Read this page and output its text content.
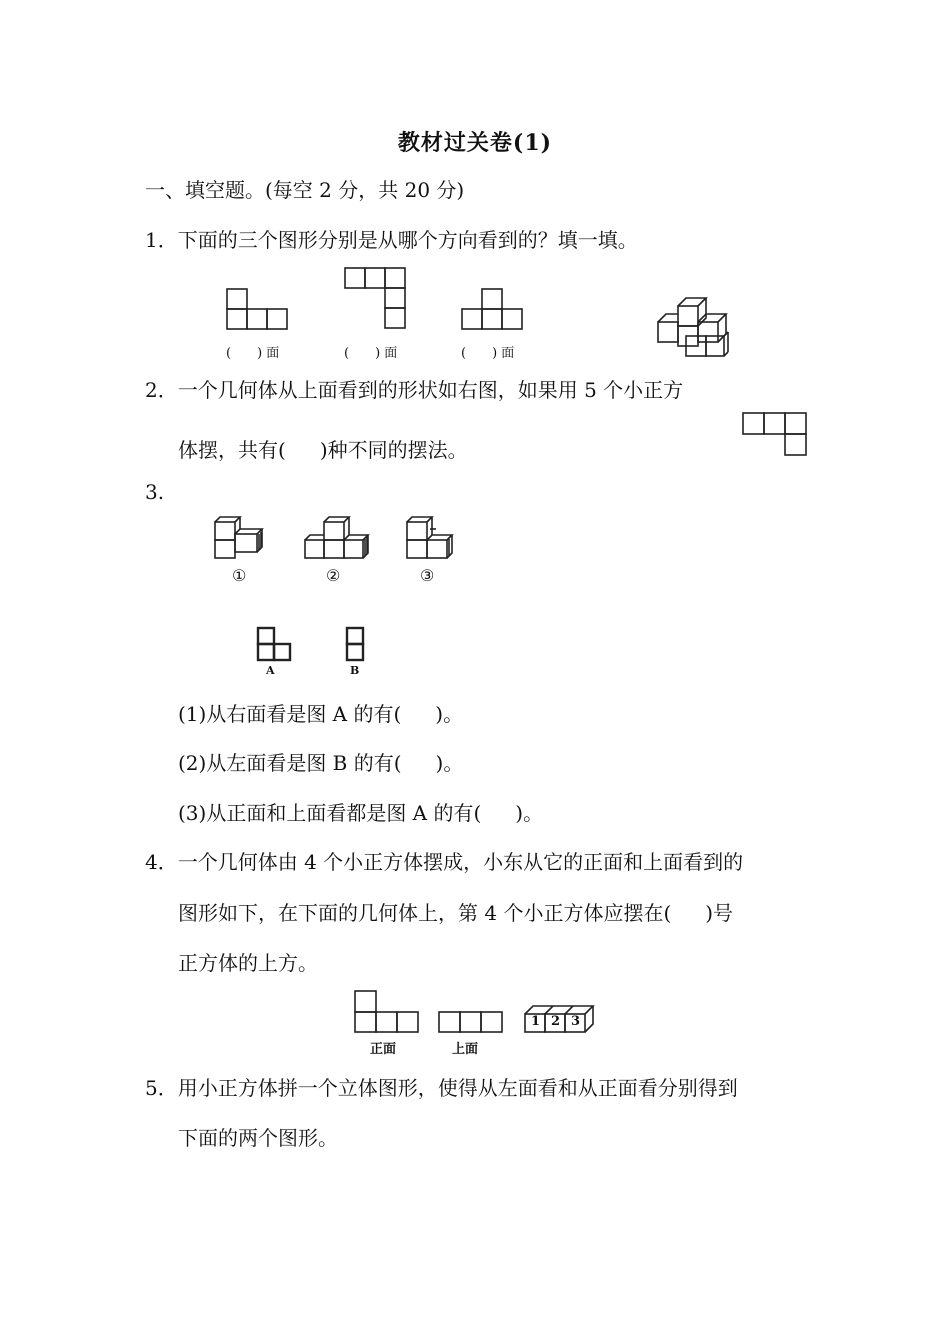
教材过关卷(1)
一、填空题。(每空 2 分，共 20 分)
1．下面的三个图形分别是从哪个方向看到的？填一填。
(　　) 面	(　　) 面	(　　) 面
2．一个几何体从上面看到的形状如右图，如果用 5 个小正方
体摆，共有( )种不同的摆法。
3.
①	②	③
A	B
(1)从右面看是图 A 的有( )。
(2)从左面看是图 B 的有( )。
(3)从正面和上面看都是图 A 的有( )。
4．一个几何体由 4 个小正方体摆成，小东从它的正面和上面看到的
图形如下，在下面的几何体上，第 4 个小正方体应摆在( )号
正方体的上方。
1 2 3
正面	上面
5．用小正方体拼一个立体图形，使得从左面看和从正面看分别得到
下面的两个图形。
